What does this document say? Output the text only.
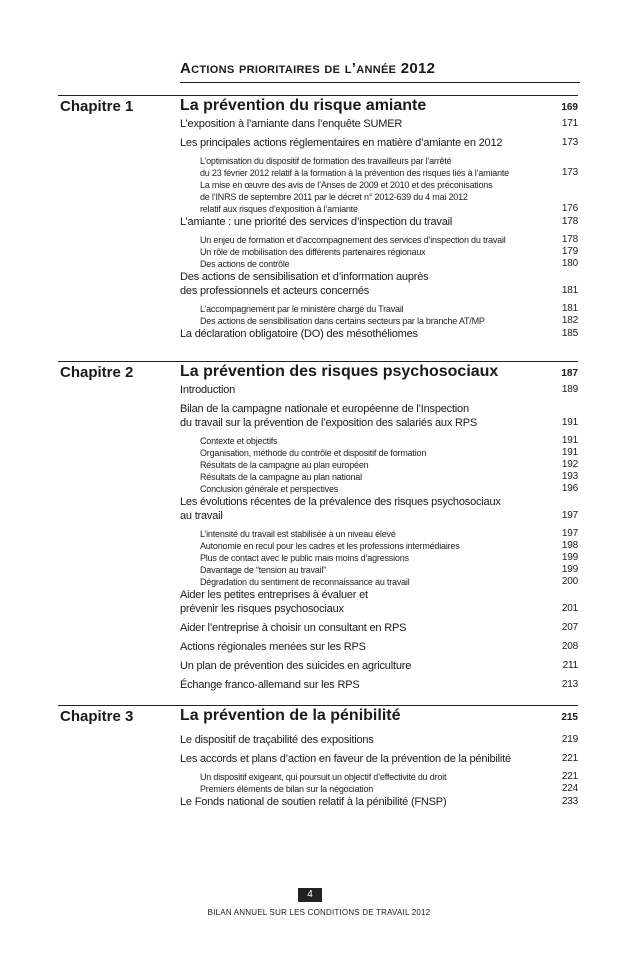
Actions prioritaires de l’année 2012
Chapitre 1	La prévention du risque amiante	169
L’exposition à l’amiante dans l’enquête SUMER	171
Les principales actions réglementaires en matière d’amiante en 2012	173
L’optimisation du dispositif de formation des travailleurs par l’arrêté
du 23 février 2012 relatif à la formation à la prévention des risques liés à l’amiante	173
La mise en œuvre des avis de l’Anses de 2009 et 2010 et des préconisations
de l’INRS de septembre 2011 par le décret n° 2012-639 du 4 mai 2012
relatif aux risques d’exposition à l’amiante	176
L’amiante : une priorité des services d’inspection du travail	178
Un enjeu de formation et d’accompagnement des services d’inspection du travail	178
Un rôle de mobilisation des différents partenaires régionaux	179
Des actions de contrôle	180
Des actions de sensibilisation et d’information auprès
des professionnels et acteurs concernés	181
L’accompagnement par le ministère chargé du Travail	181
Des actions de sensibilisation dans certains secteurs par la branche AT/MP	182
La déclaration obligatoire (DO) des mésothéliomes	185
Chapitre 2	La prévention des risques psychosociaux	187
Introduction	189
Bilan de la campagne nationale et européenne de l’Inspection
du travail sur la prévention de l’exposition des salariés aux RPS	191
Contexte et objectifs	191
Organisation, méthode du contrôle et dispositif de formation	191
Résultats de la campagne au plan européen	192
Résultats de la campagne au plan national	193
Conclusion générale et perspectives	196
Les évolutions récentes de la prévalence des risques psychosociaux
au travail	197
L’intensité du travail est stabilisée à un niveau élevé	197
Autonomie en recul pour les cadres et les professions intermédiaires	198
Plus de contact avec le public mais moins d’agressions	199
Davantage de “tension au travail”	199
Dégradation du sentiment de reconnaissance au travail	200
Aider les petites entreprises à évaluer et
prévenir les risques psychosociaux	201
Aider l’entreprise à choisir un consultant en RPS	207
Actions régionales menées sur les RPS	208
Un plan de prévention des suicides en agriculture	211
Échange franco-allemand sur les RPS	213
Chapitre 3	La prévention de la pénibilité	215
Le dispositif de traçabilité des expositions	219
Les accords et plans d’action en faveur de la prévention de la pénibilité	221
Un dispositif exigeant, qui poursuit un objectif d’effectivité du droit	221
Premiers éléments de bilan sur la négociation	224
Le Fonds national de soutien relatif à la pénibilité (FNSP)	233
4
BILAN ANNUEL SUR LES CONDITIONS DE TRAVAIL 2012
